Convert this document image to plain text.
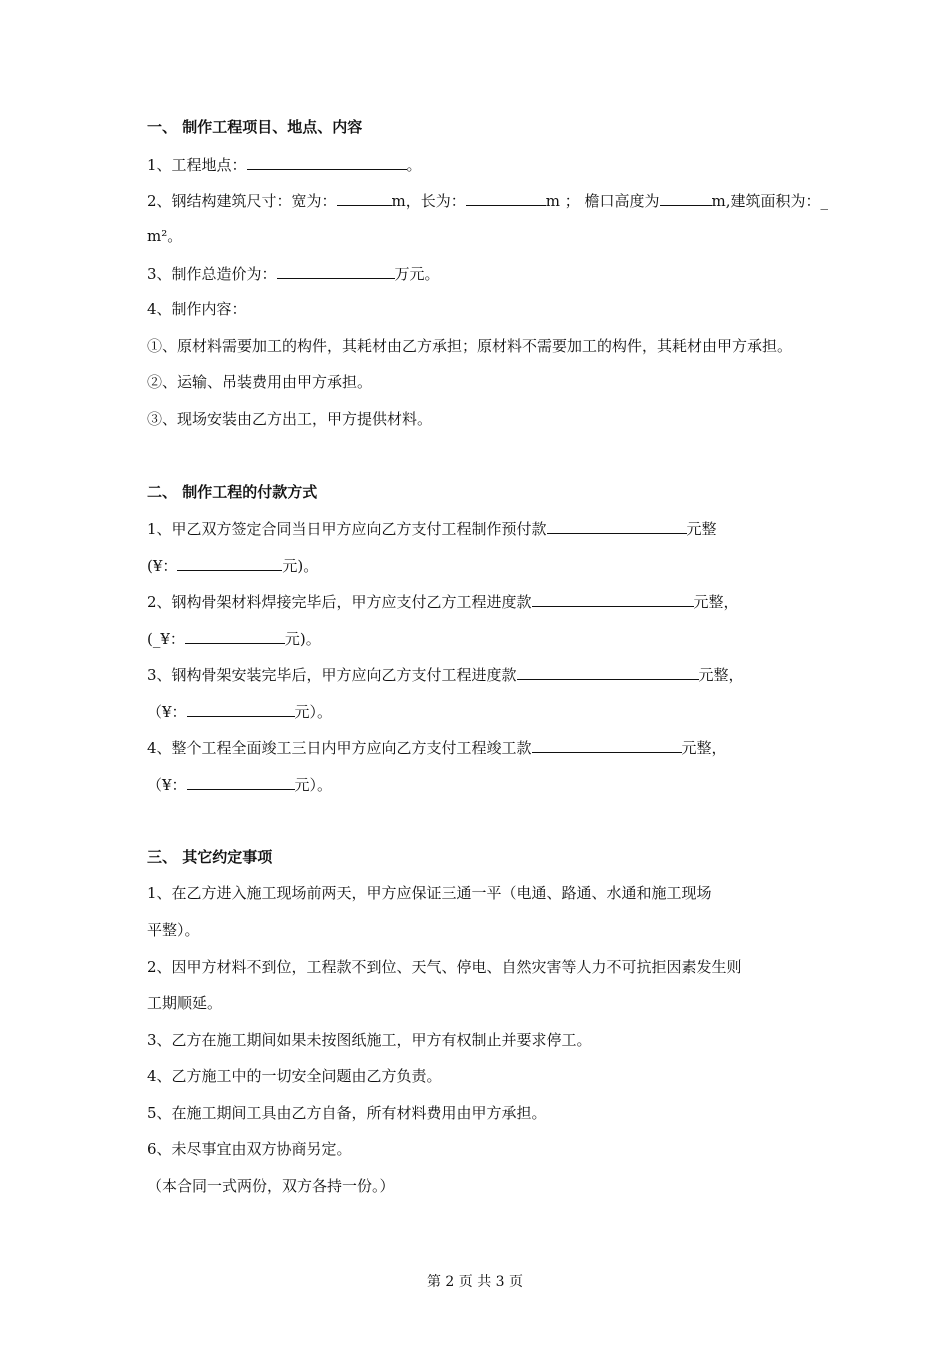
一、 制作工程项目、地点、内容
1、工程地点：	。
2、钢结构建筑尺寸：宽为：	m，长为：	m ； 檐口高度为	m,建筑面积为：_
m²。
3、制作总造价为：	万元。
4、制作内容：
①、原材料需要加工的构件，其耗材由乙方承担；原材料不需要加工的构件，其耗材由甲方承担。
②、运输、吊装费用由甲方承担。
③、现场安装由乙方出工，甲方提供材料。
二、 制作工程的付款方式
1、甲乙双方签定合同当日甲方应向乙方支付工程制作预付款	元整
(¥：	元)。
2、钢构骨架材料焊接完毕后，甲方应支付乙方工程进度款	元整，
(_¥：	元)。
3、钢构骨架安装完毕后，甲方应向乙方支付工程进度款	元整，
（¥：	元）。
4、整个工程全面竣工三日内甲方应向乙方支付工程竣工款	元整，
（¥：	元）。
三、 其它约定事项
1、在乙方进入施工现场前两天，甲方应保证三通一平（电通、路通、水通和施工现场
平整）。
2、因甲方材料不到位，工程款不到位、天气、停电、自然灾害等人力不可抗拒因素发生则
工期顺延。
3、乙方在施工期间如果未按图纸施工，甲方有权制止并要求停工。
4、乙方施工中的一切安全问题由乙方负责。
5、在施工期间工具由乙方自备，所有材料费用由甲方承担。
6、未尽事宜由双方协商另定。
（本合同一式两份，双方各持一份。）
第 2 页 共 3 页
